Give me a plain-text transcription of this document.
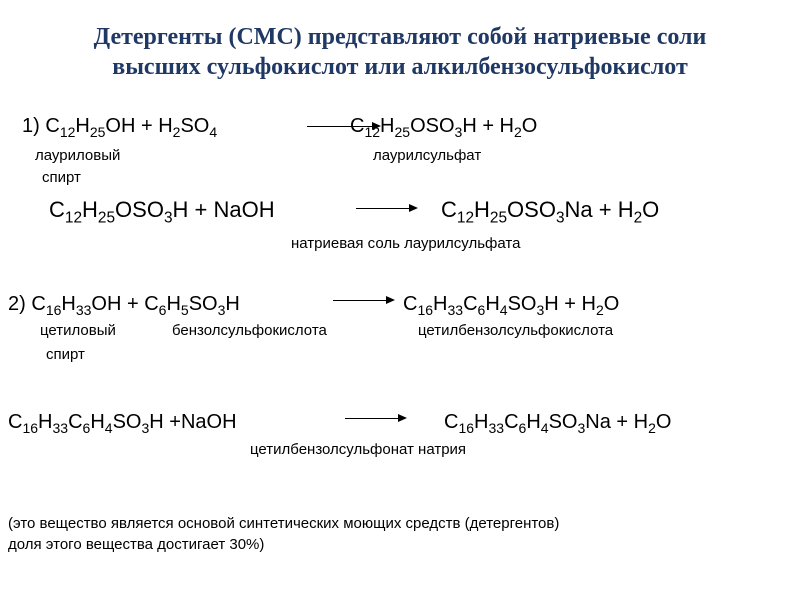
Детергенты (СМС) представляют собой натриевые соли
высших сульфокислот или алкилбензосульфокислот
1) $C_{12}H_{25}OH + H_2SO_4$	$C_{12}H_{25}OSO_3H + H_2O$
лауриловый
спирт
лаурилсульфат
$C_{12}H_{25}OSO_3H$ + NaOH	$C_{12}H_{25}OSO_3Na + H_2O$
натриевая соль лаурилсульфата
2) $C_{16}H_{33}OH + C_6H_5SO_3H$	→ $C_{16}H_{33}C_6H_4SO_3H + H_2O$
цетиловый
спирт
бензолсульфокислота	цетилбензолсульфокислота
$C_{16}H_{33}C_6H_4SO_3H$ +NaOH	$C_{16}H_{33}C_6H_4SO_3Na + H_2O$
цетилбензолсульфонат натрия
(это вещество является основой синтетических моющих средств (детергентов)
доля этого вещества достигает 30%)
